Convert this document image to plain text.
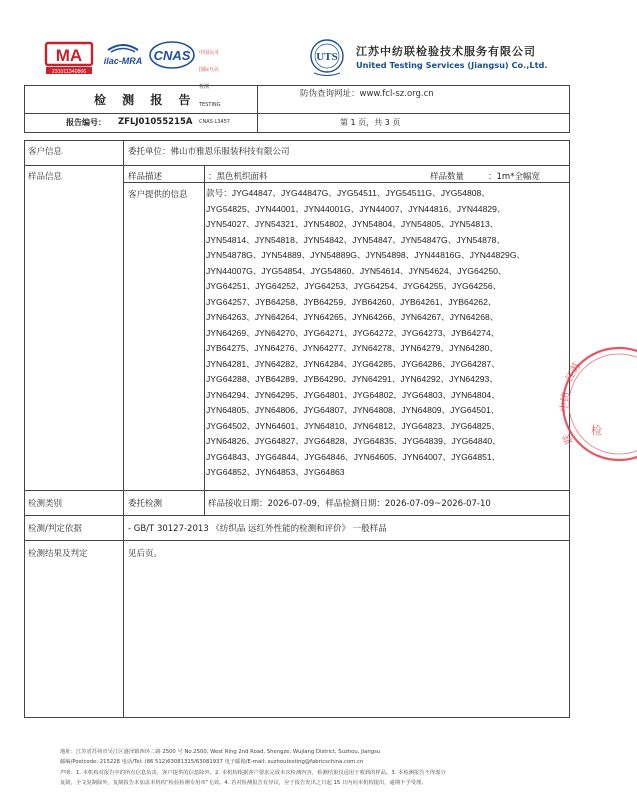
MA
231011340866
ilac-MRA CNAS

中国认可

国际互认

检测

TESTING

CNAS L3457

UTS 江苏中纺联检验技术服务有限公司
United Testing Services (Jiangsu) Co.,Ltd.
检 测 报 告	防伪查询网址：www.fcl-sz.org.cn
报告编号： ZFLJ01055215A	第 1 页，共 3 页
客户信息	委托单位：佛山市雅恩乐服装科技有限公司
样品信息	样品描述	：黑色机织面料	样品数量	：1m*全幅宽
客户提供的信息 款号：JYG44847、JYG44847G、JYG54511、JYG54511G、JYG54808、
JYG54825、JYN44001、JYN44001G、JYN44007、JYN44816、JYN44829、
JYN54027、JYN54321、JYN54802、JYN54804、JYN54805、JYN54813、
JYN54814、JYN54818、JYN54842、JYN54847、JYN54847G、JYN54878、
JYN54878G、JYN54889、JYN54889G、JYN54898、JYN44816G、JYN44829G、
JYN44007G、JYG54854、JYG54860、JYN54614、JYN54624、JYG64250、
JYG64251、JYG64252、JYG64253、JYG64254、JYG64255、JYG64256、
JYG64257、JYB64258、JYB64259、JYB64260、JYB64261、JYB64262、
JYN64263、JYN64264、JYN64265、JYN64266、JYN64267、JYN64268、
JYN64269、JYN64270、JYG64271、JYG64272、JYG64273、JYB64274、
JYB64275、JYN64276、JYN64277、JYN64278、JYN64279、JYN64280、
JYN64281、JYN64282、JYN64284、JYG64285、JYG64286、JYG64287、
JYG64288、JYB64289、JYB64290、JYN64291、JYN64292、JYN64293、
JYN64294、JYN64295、JYG64801、JYG64802、JYG64803、JYN64804、
JYN64805、JYN64806、JYG64807、JYN64808、JYN64809、JYG64501、
JYG64502、JYN64601、JYN64810、JYN64812、JYG64823、JYG64825、
JYN64826、JYG64827、JYG64828、JYG64835、JYG64839、JYG64840、
JYG64843、JYG64844、JYG64846、JYN64605、JYN64007、JYG64851、
JYG64852、JYN64853、JYG64863
检测类别	委托检测	样品接收日期：2026-07-09，样品检测日期：2026-07-09~2026-07-10
检测/判定依据	- GB/T 30127-2013 《纺织品 远红外性能的检测和评价》 一般样品
检测结果及判定	见后页。
江苏
中纺
联
检
地址：江苏省苏州市吴江区盛泽镇西环二路 2500 号 No.2500, West Ring 2nd Road, Shengze, Wujiang District, Suzhou, Jiangsu
邮编/Postcode: 215228 电话/Tel: (86 512)63081315/63081937 电子邮箱/E-mail: suzhoutesting@fabricschina.com.cn
声明：1. 本机构对报告中的所有信息负责，客户提供的信息除外。2. 本机构根据客户要求完成本次检测内容，检测结果仅适用于收到的样品。3. 本检测报告不得部分
复制，全文复制除外，复制报告未加盖本机构“检验检测专用章”无效。4. 若对检测报告有异议，应于报告发出之日起 15 日内向本机构提出，逾期不予受理。
